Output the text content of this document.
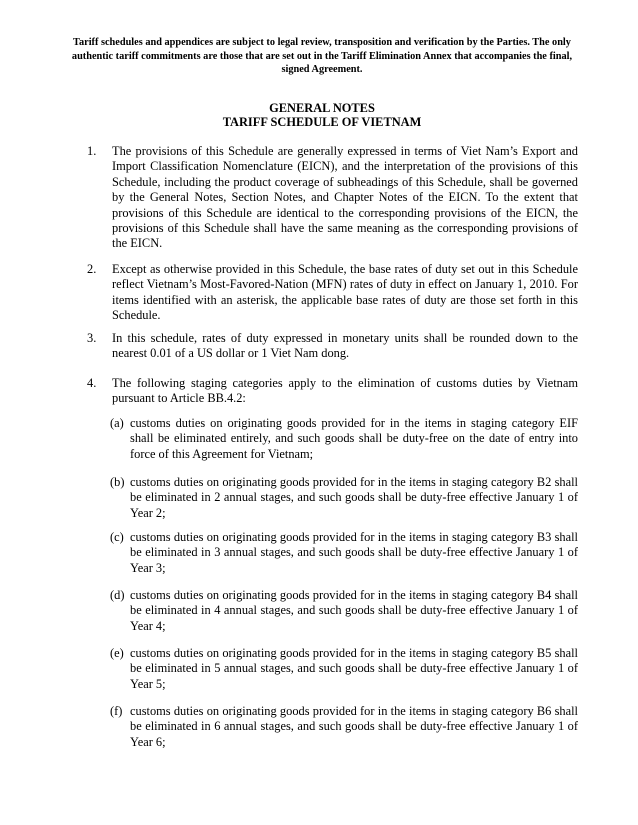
Tariff schedules and appendices are subject to legal review, transposition and verification by the Parties. The only authentic tariff commitments are those that are set out in the Tariff Elimination Annex that accompanies the final, signed Agreement.
GENERAL NOTES
TARIFF SCHEDULE OF VIETNAM
1. The provisions of this Schedule are generally expressed in terms of Viet Nam’s Export and Import Classification Nomenclature (EICN), and the interpretation of the provisions of this Schedule, including the product coverage of subheadings of this Schedule, shall be governed by the General Notes, Section Notes, and Chapter Notes of the EICN. To the extent that provisions of this Schedule are identical to the corresponding provisions of the EICN, the provisions of this Schedule shall have the same meaning as the corresponding provisions of the EICN.
2. Except as otherwise provided in this Schedule, the base rates of duty set out in this Schedule reflect Vietnam’s Most-Favored-Nation (MFN) rates of duty in effect on January 1, 2010. For items identified with an asterisk, the applicable base rates of duty are those set forth in this Schedule.
3. In this schedule, rates of duty expressed in monetary units shall be rounded down to the nearest 0.01 of a US dollar or 1 Viet Nam dong.
4. The following staging categories apply to the elimination of customs duties by Vietnam pursuant to Article BB.4.2:
(a) customs duties on originating goods provided for in the items in staging category EIF shall be eliminated entirely, and such goods shall be duty-free on the date of entry into force of this Agreement for Vietnam;
(b) customs duties on originating goods provided for in the items in staging category B2 shall be eliminated in 2 annual stages, and such goods shall be duty-free effective January 1 of Year 2;
(c) customs duties on originating goods provided for in the items in staging category B3 shall be eliminated in 3 annual stages, and such goods shall be duty-free effective January 1 of Year 3;
(d) customs duties on originating goods provided for in the items in staging category B4 shall be eliminated in 4 annual stages, and such goods shall be duty-free effective January 1 of Year 4;
(e) customs duties on originating goods provided for in the items in staging category B5 shall be eliminated in 5 annual stages, and such goods shall be duty-free effective January 1 of Year 5;
(f) customs duties on originating goods provided for in the items in staging category B6 shall be eliminated in 6 annual stages, and such goods shall be duty-free effective January 1 of Year 6;
